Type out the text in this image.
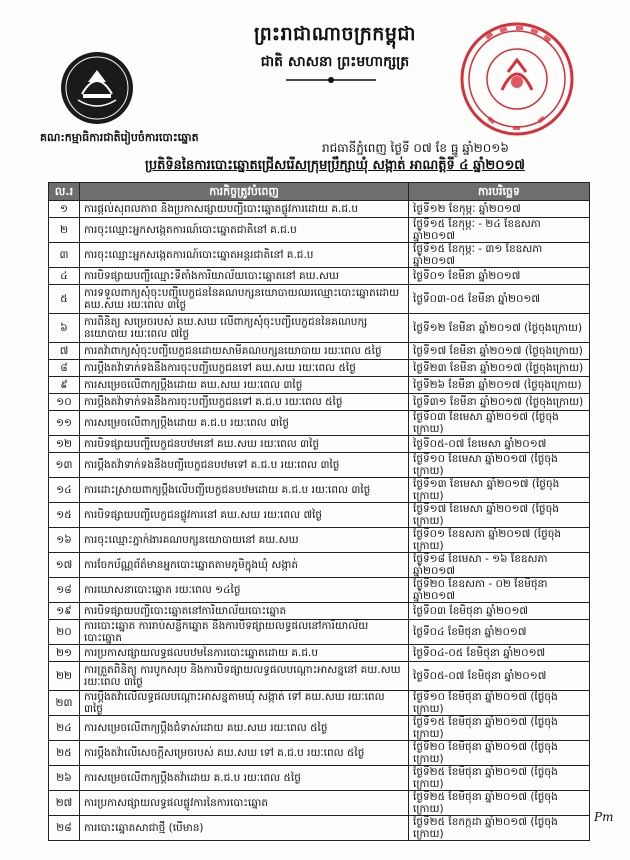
ព្រះរាជាណាចក្រកម្ពុជា
ជាតិ សាសនា ព្រះមហាក្សត្រ
គណ:កម្មាធិការជាតិរៀបចំការបោះឆ្នោត
រាជធានីភ្នំពេញ ថ្ងៃទី ០៧ ខែ ធ្នូ ឆ្នាំ២០១៦
ប្រតិទិននៃការបោះឆ្នោតជ្រើសរើសក្រុមប្រឹក្សាឃុំ សង្កាត់ អាណត្តិទី ៤ ឆ្នាំ២០១៧
ល.រ	ការកិច្ចត្រូវបំពេញ	ការបរិច្ឆេទ
១	ការផ្តល់សុពលភាព និងប្រកាសផ្សាយបញ្ជីបោះឆ្នោតផ្លូវការដោយ គ.ជ.ប	ថ្ងៃទី១២ ខែកុម្ភៈ ឆ្នាំ២០១៧
២	ការចុះឈ្មោះអ្នកសង្កេតការណ៍បោះឆ្នោតជាតិនៅ គ.ជ.ប	ថ្ងៃទី១៥ ខែកុម្ភៈ - ២៤ ខែឧសភា ឆ្នាំ២០១៧
៣	ការចុះឈ្មោះអ្នកសង្កេតការណ៍បោះឆ្នោតអន្តរជាតិនៅ គ.ជ.ប	ថ្ងៃទី១៥ ខែកុម្ភៈ - ៣១ ខែឧសភា ឆ្នាំ២០១៧
៤	ការបិទផ្សាយបញ្ជីឈ្មោះទីតាំងការិយាល័យបោះឆ្នោតនៅ គឃ.សឃ	ថ្ងៃទី០១ ខែមីនា ឆ្នាំ២០១៧
៥	ការទទួលពាក្យសុំចុះបញ្ជីបេក្ខជននៃគណបក្សនយោបាយឈរឈ្មោះបោះឆ្នោតដោយ គឃ.សឃ រយៈពេល ៣ថ្ងៃ	ថ្ងៃទី០៣-០៥ ខែមីនា ឆ្នាំ២០១៧
៦	ការពិនិត្យ សម្រេចរបស់ គឃ.សឃ លើពាក្យសុំចុះបញ្ជីបេក្ខជននៃគណបក្សនយោបាយ រយៈពេល ៧ថ្ងៃ	ថ្ងៃទី១២ ខែមីនា ឆ្នាំ២០១៧ (ថ្ងៃចុងក្រោយ)
៧	ការតវ៉ាពាក្យសុំចុះបញ្ជីបេក្ខជនដោយសាមីគណបក្សនយោបាយ រយៈពេល ៥ថ្ងៃ	ថ្ងៃទី១៧ ខែមីនា ឆ្នាំ២០១៧ (ថ្ងៃចុងក្រោយ)
៨	ការប្តឹងតវ៉ាទាក់ទងនឹងការចុះបញ្ជីបេក្ខជនទៅ គឃ.សឃ រយៈពេល ៥ថ្ងៃ	ថ្ងៃទី២៣ ខែមីនា ឆ្នាំ២០១៧ (ថ្ងៃចុងក្រោយ)
៩	ការសម្រេចលើពាក្យប្តឹងដោយ គឃ.សឃ រយៈពេល ៣ថ្ងៃ	ថ្ងៃទី២៦ ខែមីនា ឆ្នាំ២០១៧ (ថ្ងៃចុងក្រោយ)
១០	ការប្តឹងតវ៉ាទាក់ទងនឹងការចុះបញ្ជីបេក្ខជនទៅ គ.ជ.ប រយៈពេល ៥ថ្ងៃ	ថ្ងៃទី៣១ ខែមីនា ឆ្នាំ២០១៧ (ថ្ងៃចុងក្រោយ)
១១	ការសម្រេចលើពាក្យប្តឹងដោយ គ.ជ.ប រយៈពេល ៣ថ្ងៃ	ថ្ងៃទី០៣ ខែមេសា ឆ្នាំ២០១៧ (ថ្ងៃចុងក្រោយ)
១២	ការបិទផ្សាយបញ្ជីបេក្ខជនបឋមនៅ គឃ.សឃ រយៈពេល ៣ថ្ងៃ	ថ្ងៃទី០៥-០៧ ខែមេសា ឆ្នាំ២០១៧
១៣	ការប្តឹងតវ៉ាទាក់ទងនឹងបញ្ជីបេក្ខជនបឋមទៅ គ.ជ.ប រយៈពេល ៣ថ្ងៃ	ថ្ងៃទី១០ ខែមេសា ឆ្នាំ២០១៧ (ថ្ងៃចុងក្រោយ)
១៤	ការដោះស្រាយពាក្យប្តឹងលើបញ្ជីបេក្ខជនបឋមដោយ គ.ជ.ប រយៈពេល ៣ថ្ងៃ	ថ្ងៃទី១៣ ខែមេសា ឆ្នាំ២០១៧ (ថ្ងៃចុងក្រោយ)
១៥	ការបិទផ្សាយបញ្ជីបេក្ខជនផ្លូវការនៅ គឃ.សឃ រយៈពេល ៧ថ្ងៃ	ថ្ងៃទី១៧ ខែមេសា ឆ្នាំ២០១៧ (ថ្ងៃចុងក្រោយ)
១៦	ការចុះឈ្មោះភ្នាក់ងារគណបក្សនយោបាយនៅ គឃ.សឃ	ថ្ងៃទី០១ ខែឧសភា ឆ្នាំ២០១៧ (ថ្ងៃចុងក្រោយ)
១៧	ការចែកប័ណ្ណព័ត៌មានអ្នកបោះឆ្នោតតាមភូមិក្នុងឃុំ សង្កាត់	ថ្ងៃទី១៨ ខែមេសា - ១៦ ខែឧសភា ឆ្នាំ២០១៧
១៨	ការឃោសនាបោះឆ្នោត រយៈពេល ១៤ថ្ងៃ	ថ្ងៃទី២០ ខែឧសភា - ០២ ខែមិថុនា ឆ្នាំ២០១៧
១៩	ការបិទផ្សាយបញ្ជីបោះឆ្នោតនៅការិយាល័យបោះឆ្នោត	ថ្ងៃទី០៣ ខែមិថុនា ឆ្នាំ២០១៧
២០	ការបោះឆ្នោត ការរាប់សន្លឹកឆ្នោត និងការបិទផ្សាយលទ្ធផលនៅការិយាល័យបោះឆ្នោត	ថ្ងៃទី០៤ ខែមិថុនា ឆ្នាំ២០១៧
២១	ការប្រកាសផ្សាយលទ្ធផលបឋមនៃការបោះឆ្នោតដោយ គ.ជ.ប	ថ្ងៃទី០៤-០៥ ខែមិថុនា ឆ្នាំ២០១៧
២២	ការត្រួតពិនិត្យ ការបូកសរុប និងការបិទផ្សាយលទ្ធផលបណ្តោះអាសន្ននៅ គឃ.សឃ រយៈពេល ៣ថ្ងៃ	ថ្ងៃទី០៥-០៧ ខែមិថុនា ឆ្នាំ២០១៧
២៣	ការប្តឹងតវ៉ាលើលទ្ធផលបណ្តោះអាសន្នតាមឃុំ សង្កាត់ ទៅ គឃ.សឃ រយៈពេល ៣ថ្ងៃ	ថ្ងៃទី១០ ខែមិថុនា ឆ្នាំ២០១៧ (ថ្ងៃចុងក្រោយ)
២៤	ការសម្រេចលើពាក្យប្តឹងជំទាស់ដោយ គឃ.សឃ រយៈពេល ៥ថ្ងៃ	ថ្ងៃទី១៥ ខែមិថុនា ឆ្នាំ២០១៧ (ថ្ងៃចុងក្រោយ)
២៥	ការប្តឹងតវ៉ាលើសេចក្តីសម្រេចរបស់ គឃ.សឃ ទៅ គ.ជ.ប រយៈពេល ៥ថ្ងៃ	ថ្ងៃទី២០ ខែមិថុនា ឆ្នាំ២០១៧ (ថ្ងៃចុងក្រោយ)
២៦	ការសម្រេចលើពាក្យប្តឹងតវ៉ាដោយ គ.ជ.ប រយៈពេល ៥ថ្ងៃ	ថ្ងៃទី២៥ ខែមិថុនា ឆ្នាំ២០១៧ (ថ្ងៃចុងក្រោយ)
២៧	ការប្រកាសផ្សាយលទ្ធផលផ្លូវការនៃការបោះឆ្នោត	ថ្ងៃទី២៥ ខែមិថុនា ឆ្នាំ២០១៧ (ថ្ងៃចុងក្រោយ)
២៨	ការបោះឆ្នោតសាជាថ្មី (បើមាន)	ថ្ងៃទី២៥ ខែកក្កដា ឆ្នាំ២០១៧ (ថ្ងៃចុងក្រោយ)
Pm
